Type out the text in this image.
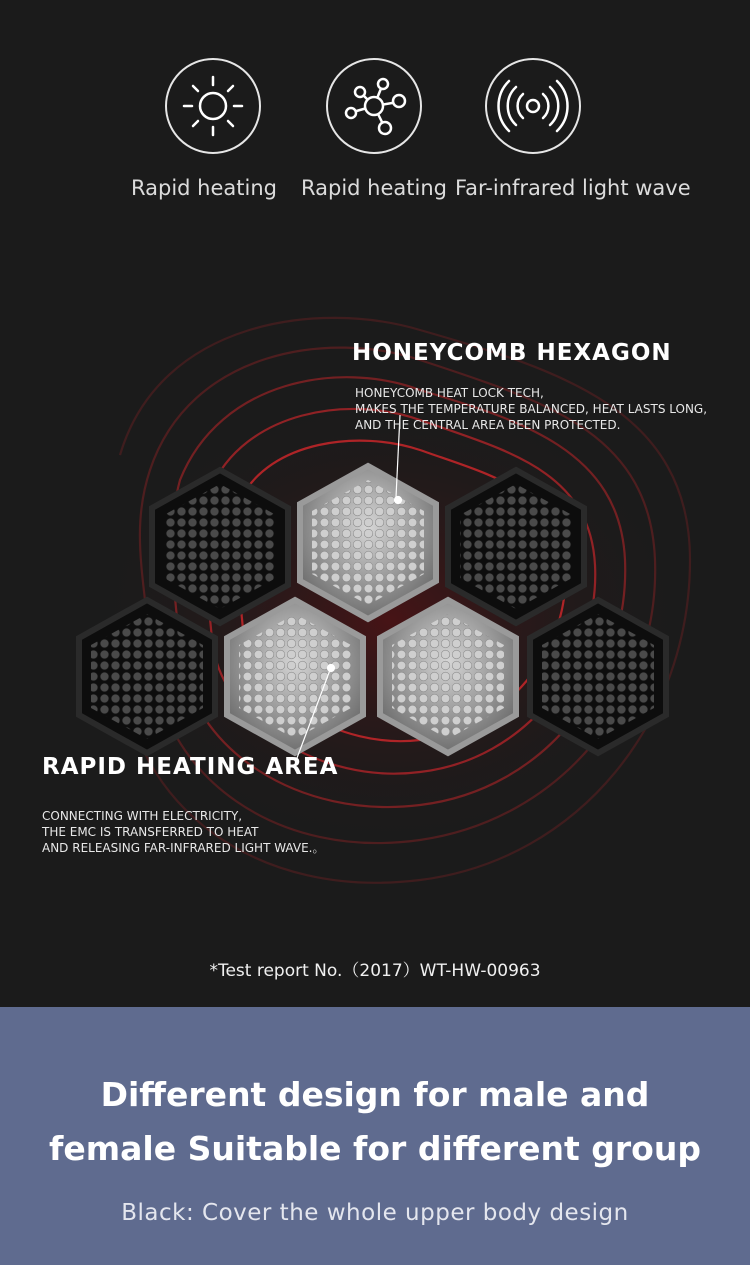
Rapid heating Rapid heating Far-infrared light wave
HONEYCOMB HEXAGON
HONEYCOMB HEAT LOCK TECH,
MAKES THE TEMPERATURE BALANCED, HEAT LASTS LONG,
AND THE CENTRAL AREA BEEN PROTECTED.
RAPID HEATING AREA
CONNECTING WITH ELECTRICITY,
THE EMC IS TRANSFERRED TO HEAT
AND RELEASING FAR-INFRARED LIGHT WAVE.。
*Test report No.（2017）WT-HW-00963
Different design for male and
female Suitable for different group
Black: Cover the whole upper body design
